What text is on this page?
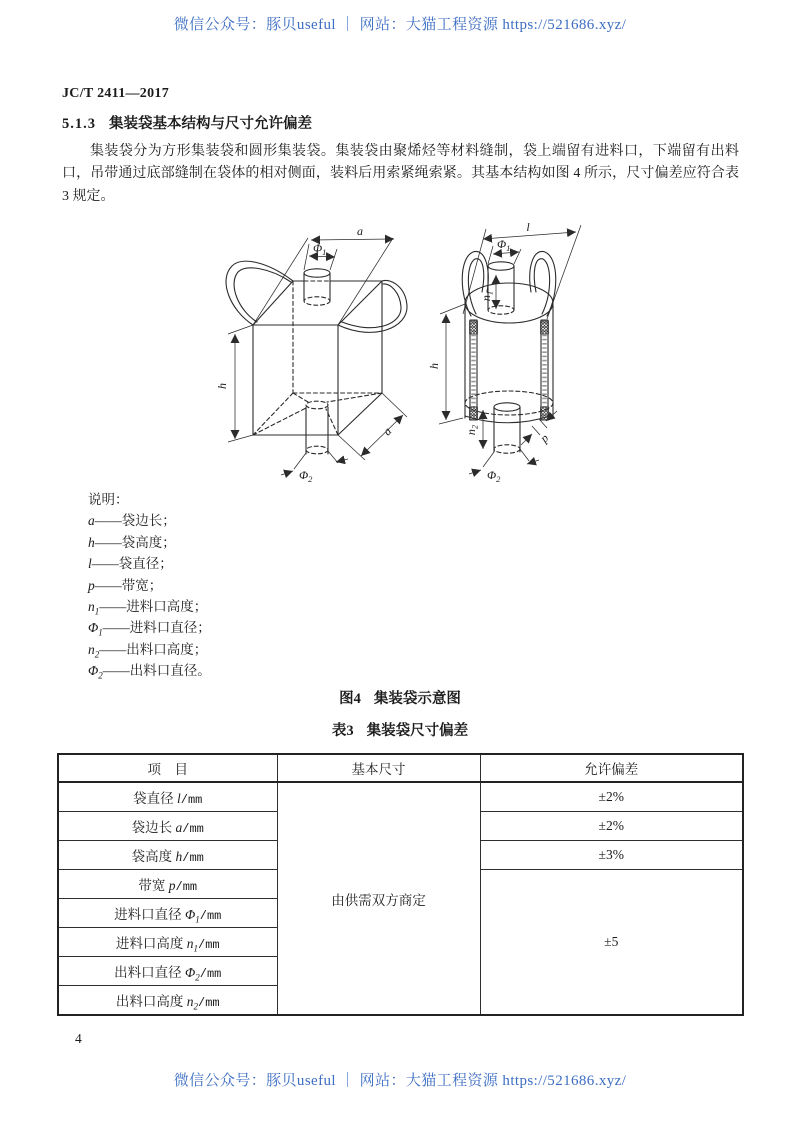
微信公众号：豚贝useful ｜ 网站：大猫工程资源 https://521686.xyz/
JC/T 2411—2017
5.1.3 集装袋基本结构与尺寸允许偏差
集装袋分为方形集装袋和圆形集装袋。集装袋由聚烯烃等材料缝制，袋上端留有进料口，下端留有出料口，吊带通过底部缝制在袋体的相对侧面，装料后用索紧绳索紧。其基本结构如图 4 所示，尺寸偏差应符合表 3 规定。
a
$\Phi_1$
h
a
$\Phi_2$
l
$\Phi_1$
$n_1$
h
$n_2$
$\Phi_2$
p
说明：
a——袋边长；
h——袋高度；
l——袋直径；
p——带宽；
$n_1——$进料口高度；
$\Phi_1——$进料口直径；
$n_2——$出料口高度；
$\Phi_2——$出料口直径。
图4 集装袋示意图
表3 集装袋尺寸偏差
项　目	基本尺寸	允许偏差
袋直径 l/mm	由供需双方商定	±2%
袋边长 a/mm		±2%
袋高度 h/mm		±3%
带宽 p/mm		±5
进料口直径 $\Phi_1/mm$		
进料口高度 $n_1/mm$		
出料口直径 $\Phi_2/mm$		
出料口高度 $n_2/mm$		
4
微信公众号：豚贝useful ｜ 网站：大猫工程资源 https://521686.xyz/
